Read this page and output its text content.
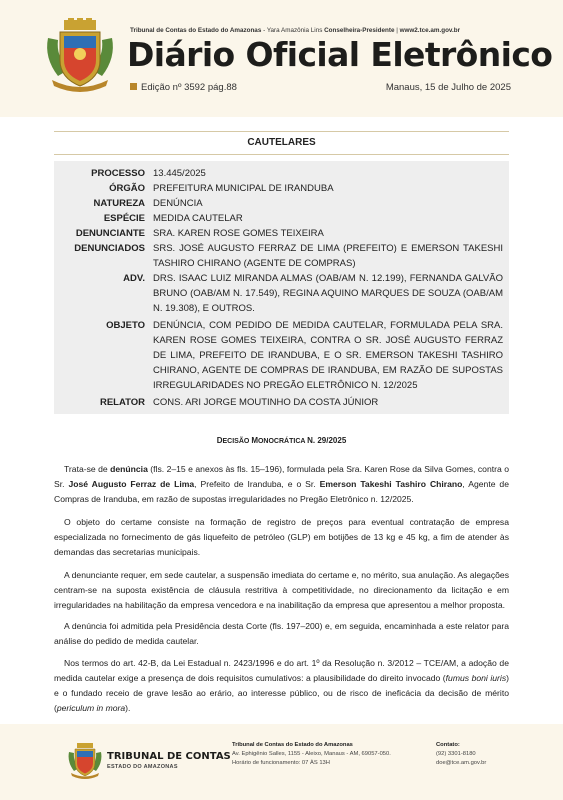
Tribunal de Contas do Estado do Amazonas - Yara Amazônia Lins Conselheira-Presidente | www2.tce.am.gov.br
Diário Oficial Eletrônico
Edição nº 3592 pág.88	Manaus, 15 de Julho de 2025
CAUTELARES
PROCESSO 13.445/2025
ÓRGÃO PREFEITURA MUNICIPAL DE IRANDUBA
NATUREZA DENÚNCIA
ESPÉCIE MEDIDA CAUTELAR
DENUNCIANTE SRA. KAREN ROSE GOMES TEIXEIRA
DENUNCIADOS SRS. JOSÉ AUGUSTO FERRAZ DE LIMA (PREFEITO) E EMERSON TAKESHI TASHIRO CHIRANO (AGENTE DE COMPRAS)
ADV. DRS. ISAAC LUIZ MIRANDA ALMAS (OAB/AM N. 12.199), FERNANDA GALVÃO BRUNO (OAB/AM N. 17.549), REGINA AQUINO MARQUES DE SOUZA (OAB/AM N. 19.308), E OUTROS.
OBJETO DENÚNCIA, COM PEDIDO DE MEDIDA CAUTELAR, FORMULADA PELA SRA. KAREN ROSE GOMES TEIXEIRA, CONTRA O SR. JOSÉ AUGUSTO FERRAZ DE LIMA, PREFEITO DE IRANDUBA, E O SR. EMERSON TAKESHI TASHIRO CHIRANO, AGENTE DE COMPRAS DE IRANDUBA, EM RAZÃO DE SUPOSTAS IRREGULARIDADES NO PREGÃO ELETRÔNICO N. 12/2025
RELATOR CONS. ARI JORGE MOUTINHO DA COSTA JÚNIOR
DECISÃO MONOCRÁTICA N. 29/2025

Trata-se de denúncia (fls. 2–15 e anexos às fls. 15–196), formulada pela Sra. Karen Rose da Silva Gomes, contra o Sr. José Augusto Ferraz de Lima, Prefeito de Iranduba, e o Sr. Emerson Takeshi Tashiro Chirano, Agente de Compras de Iranduba, em razão de supostas irregularidades no Pregão Eletrônico n. 12/2025.

O objeto do certame consiste na formação de registro de preços para eventual contratação de empresa especializada no fornecimento de gás liquefeito de petróleo (GLP) em botijões de 13 kg e 45 kg, a fim de atender às demandas das secretarias municipais.

A denunciante requer, em sede cautelar, a suspensão imediata do certame e, no mérito, sua anulação. As alegações centram-se na suposta existência de cláusula restritiva à competitividade, no direcionamento da licitação e em irregularidades na habilitação da empresa vencedora e na inabilitação da empresa que apresentou a melhor proposta.

A denúncia foi admitida pela Presidência desta Corte (fls. 197–200) e, em seguida, encaminhada a este relator para análise do pedido de medida cautelar.

Nos termos do art. 42-B, da Lei Estadual n. 2423/1996 e do art. 1º da Resolução n. 3/2012 – TCE/AM, a adoção de medida cautelar exige a presença de dois requisitos cumulativos: a plausibilidade do direito invocado (fumus boni iuris) e o fundado receio de grave lesão ao erário, ao interesse público, ou de risco de ineficácia da decisão de mérito (periculum in mora).

TRIBUNAL DE CONTAS
ESTADO DO AMAZONAS
Tribunal de Contas do Estado do Amazonas
Av. Ephigênio Salles, 1155 - Aleixo, Manaus - AM, 69057-050.
Horário de funcionamento: 07 ÀS 13H
Contato:
(92) 3301-8180
doe@tce.am.gov.br
